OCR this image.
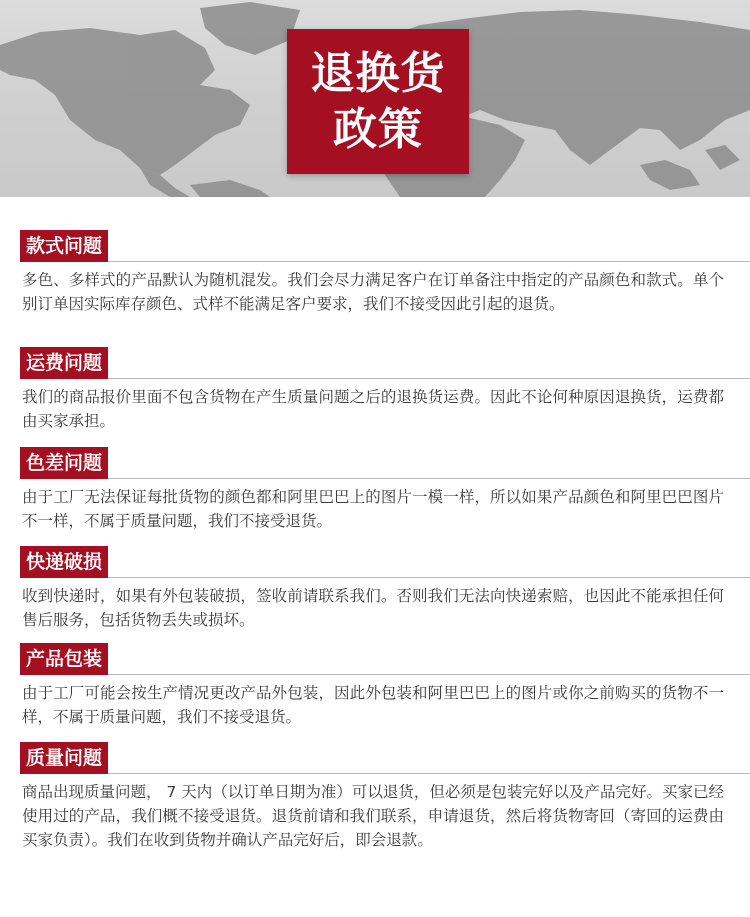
退换货
政策
款式问题
多色、多样式的产品默认为随机混发。我们会尽力满足客户在订单备注中指定的产品颜色和款式。单个别订单因实际库存颜色、式样不能满足客户要求，我们不接受因此引起的退货。
运费问题
我们的商品报价里面不包含货物在产生质量问题之后的退换货运费。因此不论何种原因退换货，运费都由买家承担。
色差问题
由于工厂无法保证每批货物的颜色都和阿里巴巴上的图片一模一样，所以如果产品颜色和阿里巴巴图片不一样，不属于质量问题，我们不接受退货。
快递破损
收到快递时，如果有外包装破损，签收前请联系我们。否则我们无法向快递索赔，也因此不能承担任何售后服务，包括货物丢失或损坏。
产品包装
由于工厂可能会按生产情况更改产品外包装，因此外包装和阿里巴巴上的图片或你之前购买的货物不一样，不属于质量问题，我们不接受退货。
质量问题
商品出现质量问题， 7 天内（以订单日期为准）可以退货，但必须是包装完好以及产品完好。买家已经使用过的产品，我们概不接受退货。退货前请和我们联系，申请退货，然后将货物寄回（寄回的运费由买家负责）。我们在收到货物并确认产品完好后，即会退款。
